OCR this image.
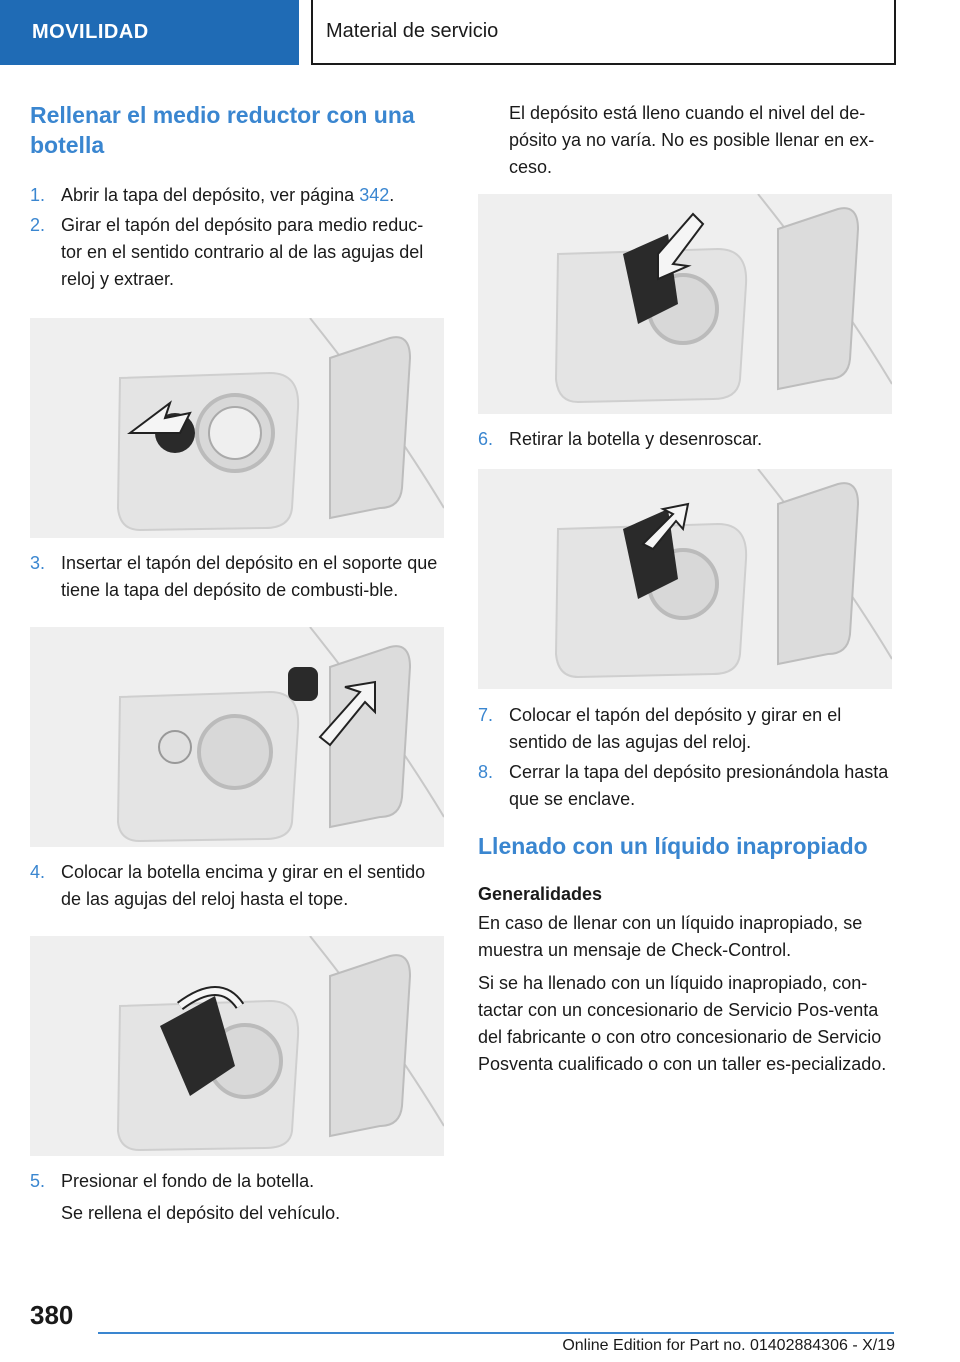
MOVILIDAD	Material de servicio
Rellenar el medio reductor con una botella
1. Abrir la tapa del depósito, ver página 342.
2. Girar el tapón del depósito para medio reduc-tor en el sentido contrario al de las agujas del reloj y extraer.
3. Insertar el tapón del depósito en el soporte que tiene la tapa del depósito de combusti-ble.
4. Colocar la botella encima y girar en el sentido de las agujas del reloj hasta el tope.
5. Presionar el fondo de la botella.

Se rellena el depósito del vehículo.

El depósito está lleno cuando el nivel del de-pósito ya no varía. No es posible llenar en ex-ceso.

6. Retirar la botella y desenroscar.
7. Colocar el tapón del depósito y girar en el sentido de las agujas del reloj.
8. Cerrar la tapa del depósito presionándola hasta que se enclave.
Llenado con un líquido inapropiado
Generalidades

En caso de llenar con un líquido inapropiado, se muestra un mensaje de Check-Control.

Si se ha llenado con un líquido inapropiado, con-tactar con un concesionario de Servicio Pos-venta del fabricante o con otro concesionario de Servicio Posventa cualificado o con un taller es-pecializado.

380
Online Edition for Part no. 01402884306 - X/19
